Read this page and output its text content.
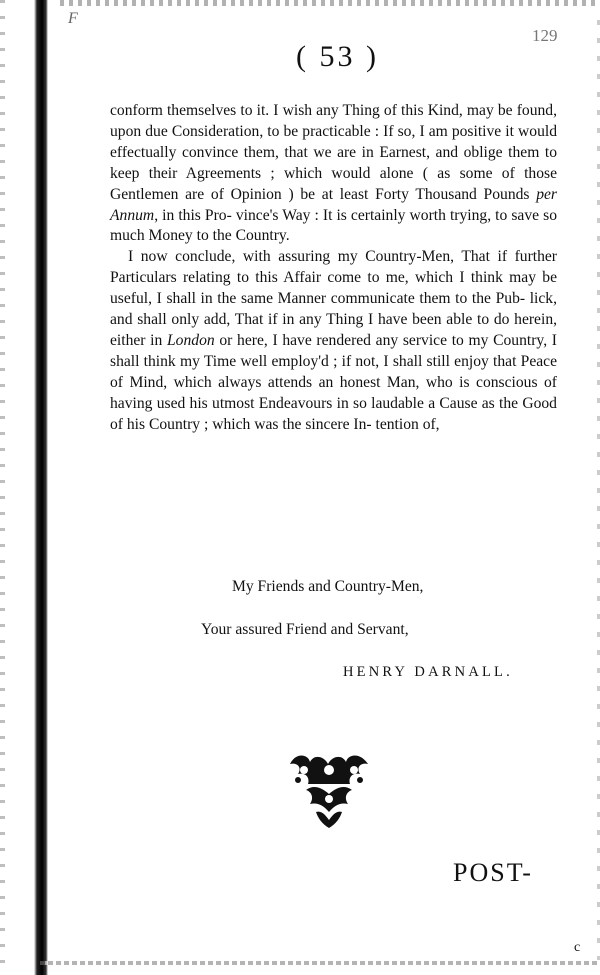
F
129
( 53 )

conform themselves to it. I wish any Thing of this Kind, may be found, upon due Consideration, to be practicable : If so, I am positive it would effectually convince them, that we are in Earnest, and oblige them to keep their Agreements ; which would alone ( as some of those Gentlemen are of Opinion ) be at least Forty Thousand Pounds per Annum, in this Pro- vince's Way : It is certainly worth trying, to save so much Money to the Country.

I now conclude, with assuring my Country-Men, That if further Particulars relating to this Affair come to me, which I think may be useful, I shall in the same Manner communicate them to the Pub- lick, and shall only add, That if in any Thing I have been able to do herein, either in London or here, I have rendered any service to my Country, I shall think my Time well employ'd ; if not, I shall still enjoy that Peace of Mind, which always attends an honest Man, who is conscious of having used his utmost Endeavours in so laudable a Cause as the Good of his Country ; which was the sincere In- tention of,

My Friends and Country-Men,
Your assured Friend and Servant,
HENRY DARNALL.
POST-
c
